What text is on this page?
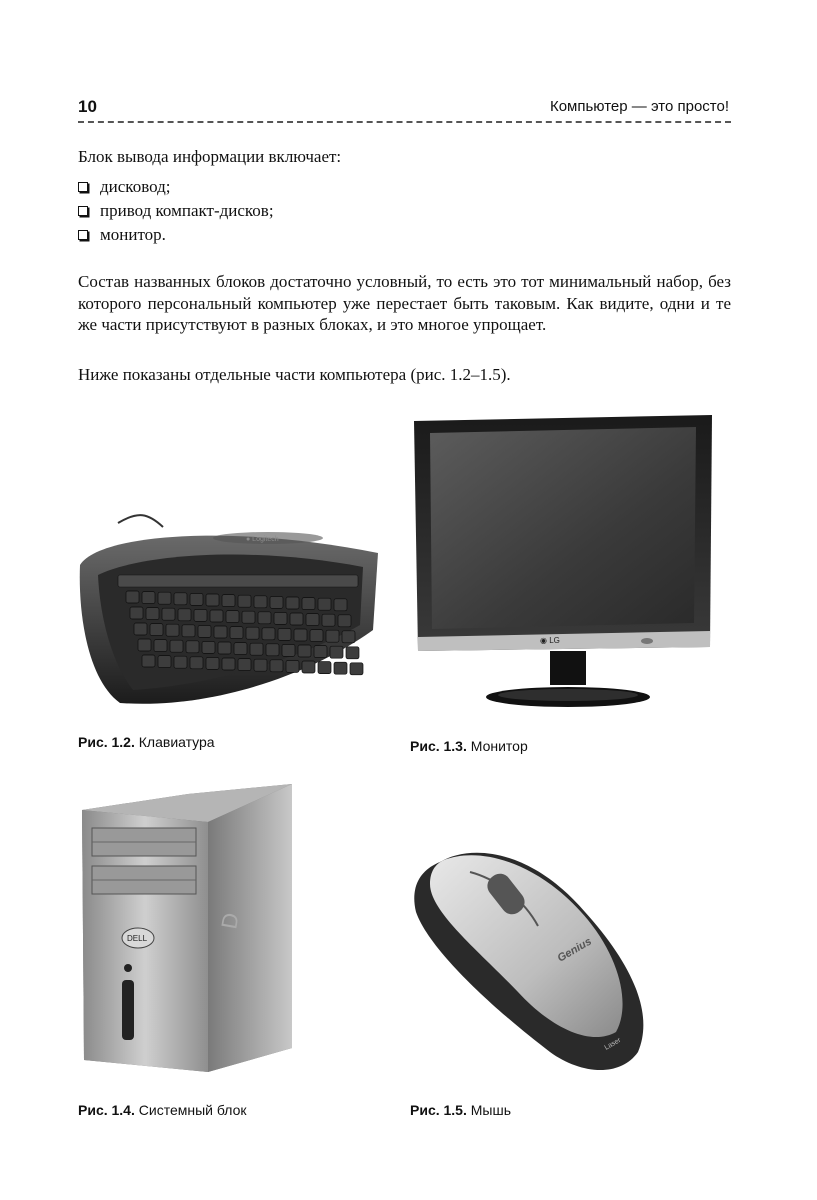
10	Компьютер — это просто!

Блок вывода информации включает:

дисковод;
привод компакт-дисков;
монитор.

Состав названных блоков достаточно условный, то есть это тот минимальный набор, без которого персональный компьютер уже перестает быть таковым. Как видите, одни и те же части присутствуют в разных блоках, и это многое упрощает.

Ниже показаны отдельные части компьютера (рис. 1.2–1.5).

Рис. 1.2. Клавиатура
◉ LG
Рис. 1.3. Монитор
DELL
D
Рис. 1.4. Системный блок
Genius
Laser
Рис. 1.5. Мышь
